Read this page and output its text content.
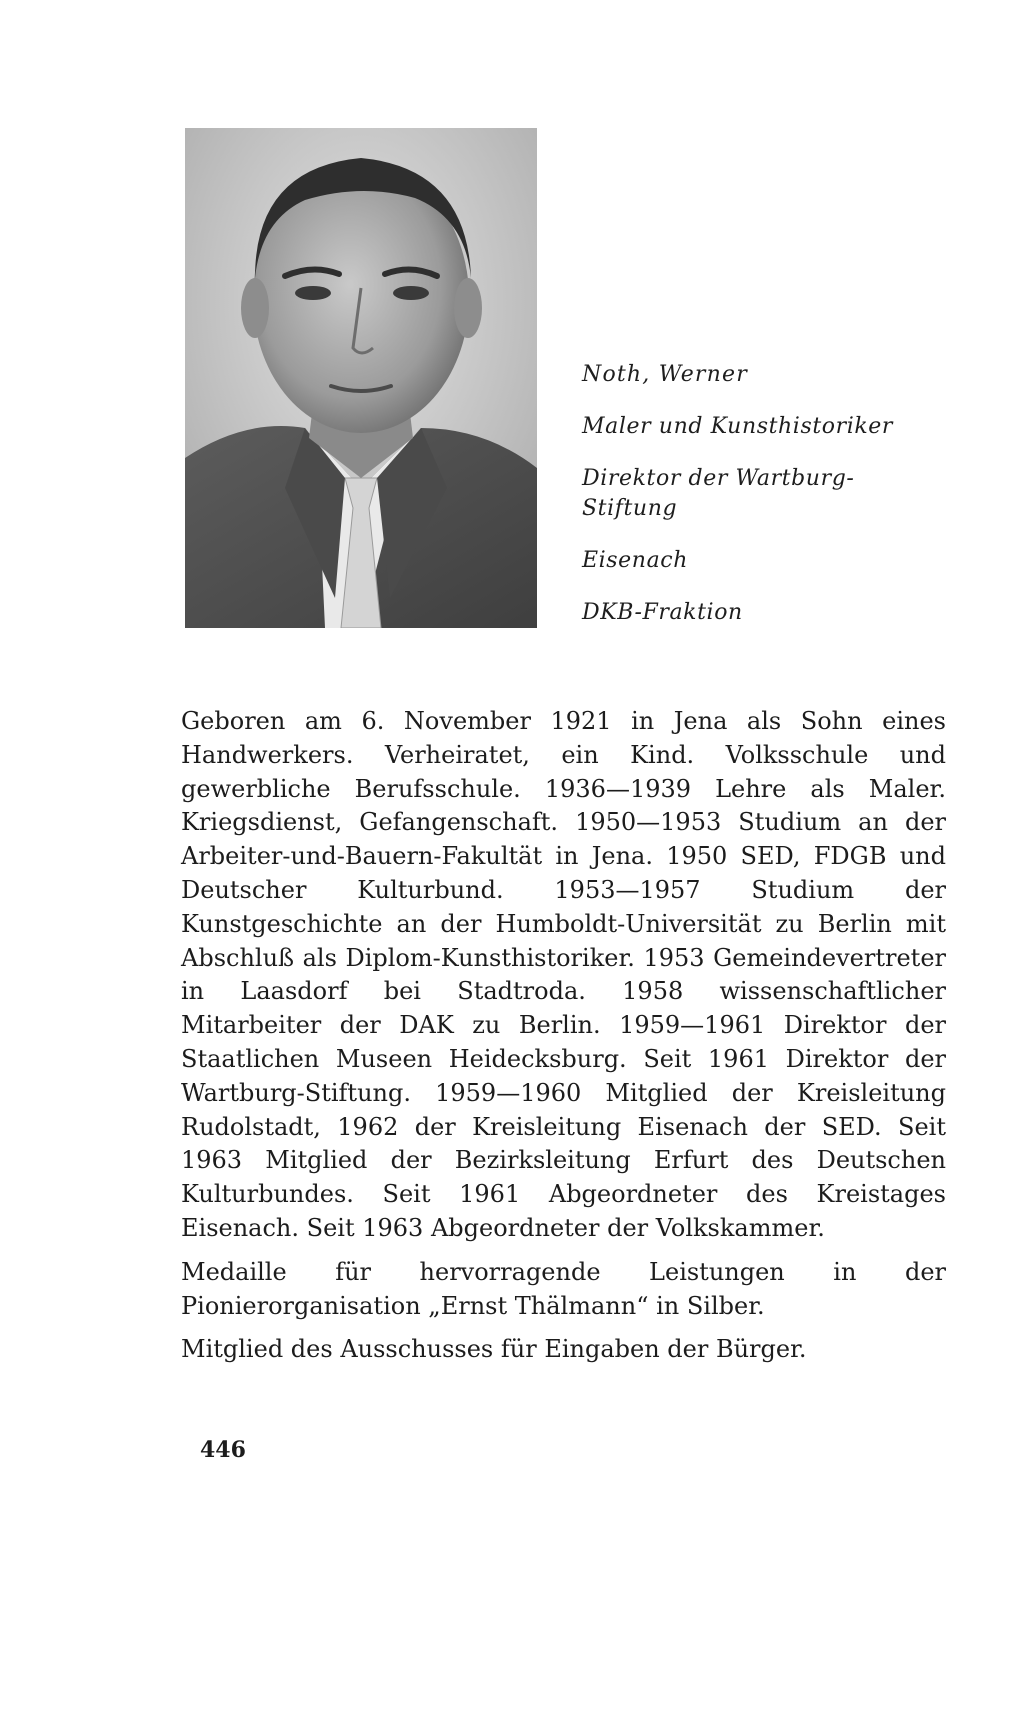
Noth, Werner
Maler und Kunsthistoriker
Direktor der Wartburg-
Stiftung
Eisenach
DKB-Fraktion

Geboren am 6. November 1921 in Jena als Sohn eines Handwerkers. Verheiratet, ein Kind. Volksschule und gewerbliche Berufsschule. 1936—1939 Lehre als Maler. Kriegsdienst, Gefangenschaft. 1950—1953 Studium an der Arbeiter-und-Bauern-Fakultät in Jena. 1950 SED, FDGB und Deutscher Kulturbund. 1953—1957 Studium der Kunstgeschichte an der Humboldt-Universität zu Berlin mit Abschluß als Diplom-Kunsthistoriker. 1953 Gemeindevertreter in Laasdorf bei Stadtroda. 1958 wissenschaftlicher Mitarbeiter der DAK zu Berlin. 1959—1961 Direktor der Staatlichen Museen Heidecksburg. Seit 1961 Direktor der Wartburg-Stiftung. 1959—1960 Mitglied der Kreisleitung Rudolstadt, 1962 der Kreisleitung Eisenach der SED. Seit 1963 Mitglied der Bezirksleitung Erfurt des Deutschen Kulturbundes. Seit 1961 Abgeordneter des Kreistages Eisenach. Seit 1963 Abgeordneter der Volkskammer.

Medaille für hervorragende Leistungen in der Pionierorganisation „Ernst Thälmann“ in Silber.

Mitglied des Ausschusses für Eingaben der Bürger.

446
